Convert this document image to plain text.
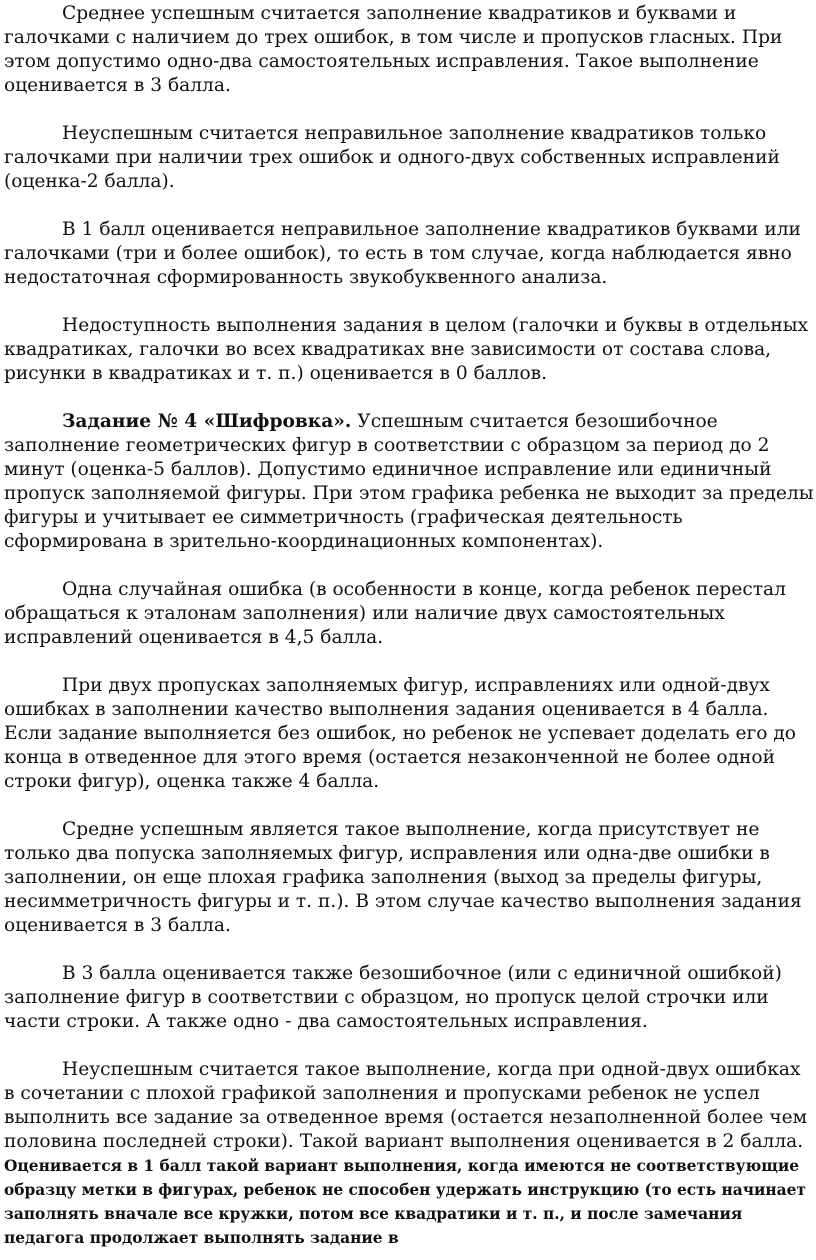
Среднее успешным считается заполнение квадратиков и буквами и галочками с наличием до трех ошибок, в том числе и пропусков гласных. При этом допустимо одно-два самостоятельных исправления. Такое выполнение оценивается в 3 балла.

Неуспешным считается неправильное заполнение квадратиков только галочками при наличии трех ошибок и одного-двух собственных исправлений (оценка-2 балла).

В 1 балл оценивается неправильное заполнение квадратиков буквами или галочками (три и более ошибок), то есть в том случае, когда наблюдается явно недостаточная сформированность звукобуквенного анализа.

Недоступность выполнения задания в целом (галочки и буквы в отдельных квадратиках, галочки во всех квадратиках вне зависимости от состава слова, рисунки в квадратиках и т. п.) оценивается в 0 баллов.

Задание № 4 «Шифровка». Успешным считается безошибочное заполнение геометрических фигур в соответствии с образцом за период до 2 минут (оценка-5 баллов). Допустимо единичное исправление или единичный пропуск заполняемой фигуры. При этом графика ребенка не выходит за пределы фигуры и учитывает ее симметричность (графическая деятельность сформирована в зрительно-координационных компонентах).

Одна случайная ошибка (в особенности в конце, когда ребенок перестал обращаться к эталонам заполнения) или наличие двух самостоятельных исправлений оценивается в 4,5 балла.

При двух пропусках заполняемых фигур, исправлениях или одной-двух ошибках в заполнении качество выполнения задания оценивается в 4 балла. Если задание выполняется без ошибок, но ребенок не успевает доделать его до конца в отведенное для этого время (остается незаконченной не более одной строки фигур), оценка также 4 балла.

Средне успешным является такое выполнение, когда присутствует не только два попуска заполняемых фигур, исправления или одна-две ошибки в заполнении, он еще плохая графика заполнения (выход за пределы фигуры, несимметричность фигуры и т. п.). В этом случае качество выполнения задания оценивается в 3 балла.

В 3 балла оценивается также безошибочное (или с единичной ошибкой) заполнение фигур в соответствии с образцом, но пропуск целой строчки или части строки. А также одно - два самостоятельных исправления.

Неуспешным считается такое выполнение, когда при одной-двух ошибках в сочетании с плохой графикой заполнения и пропусками ребенок не успел выполнить все задание за отведенное время (остается незаполненной более чем половина последней строки). Такой вариант выполнения оценивается в 2 балла.

Оценивается в 1 балл такой вариант выполнения, когда имеются не соответствующие образцу метки в фигурах, ребенок не способен удержать инструкцию (то есть начинает заполнять вначале все кружки, потом все квадратики и т. п., и после замечания педагога продолжает выполнять задание в
